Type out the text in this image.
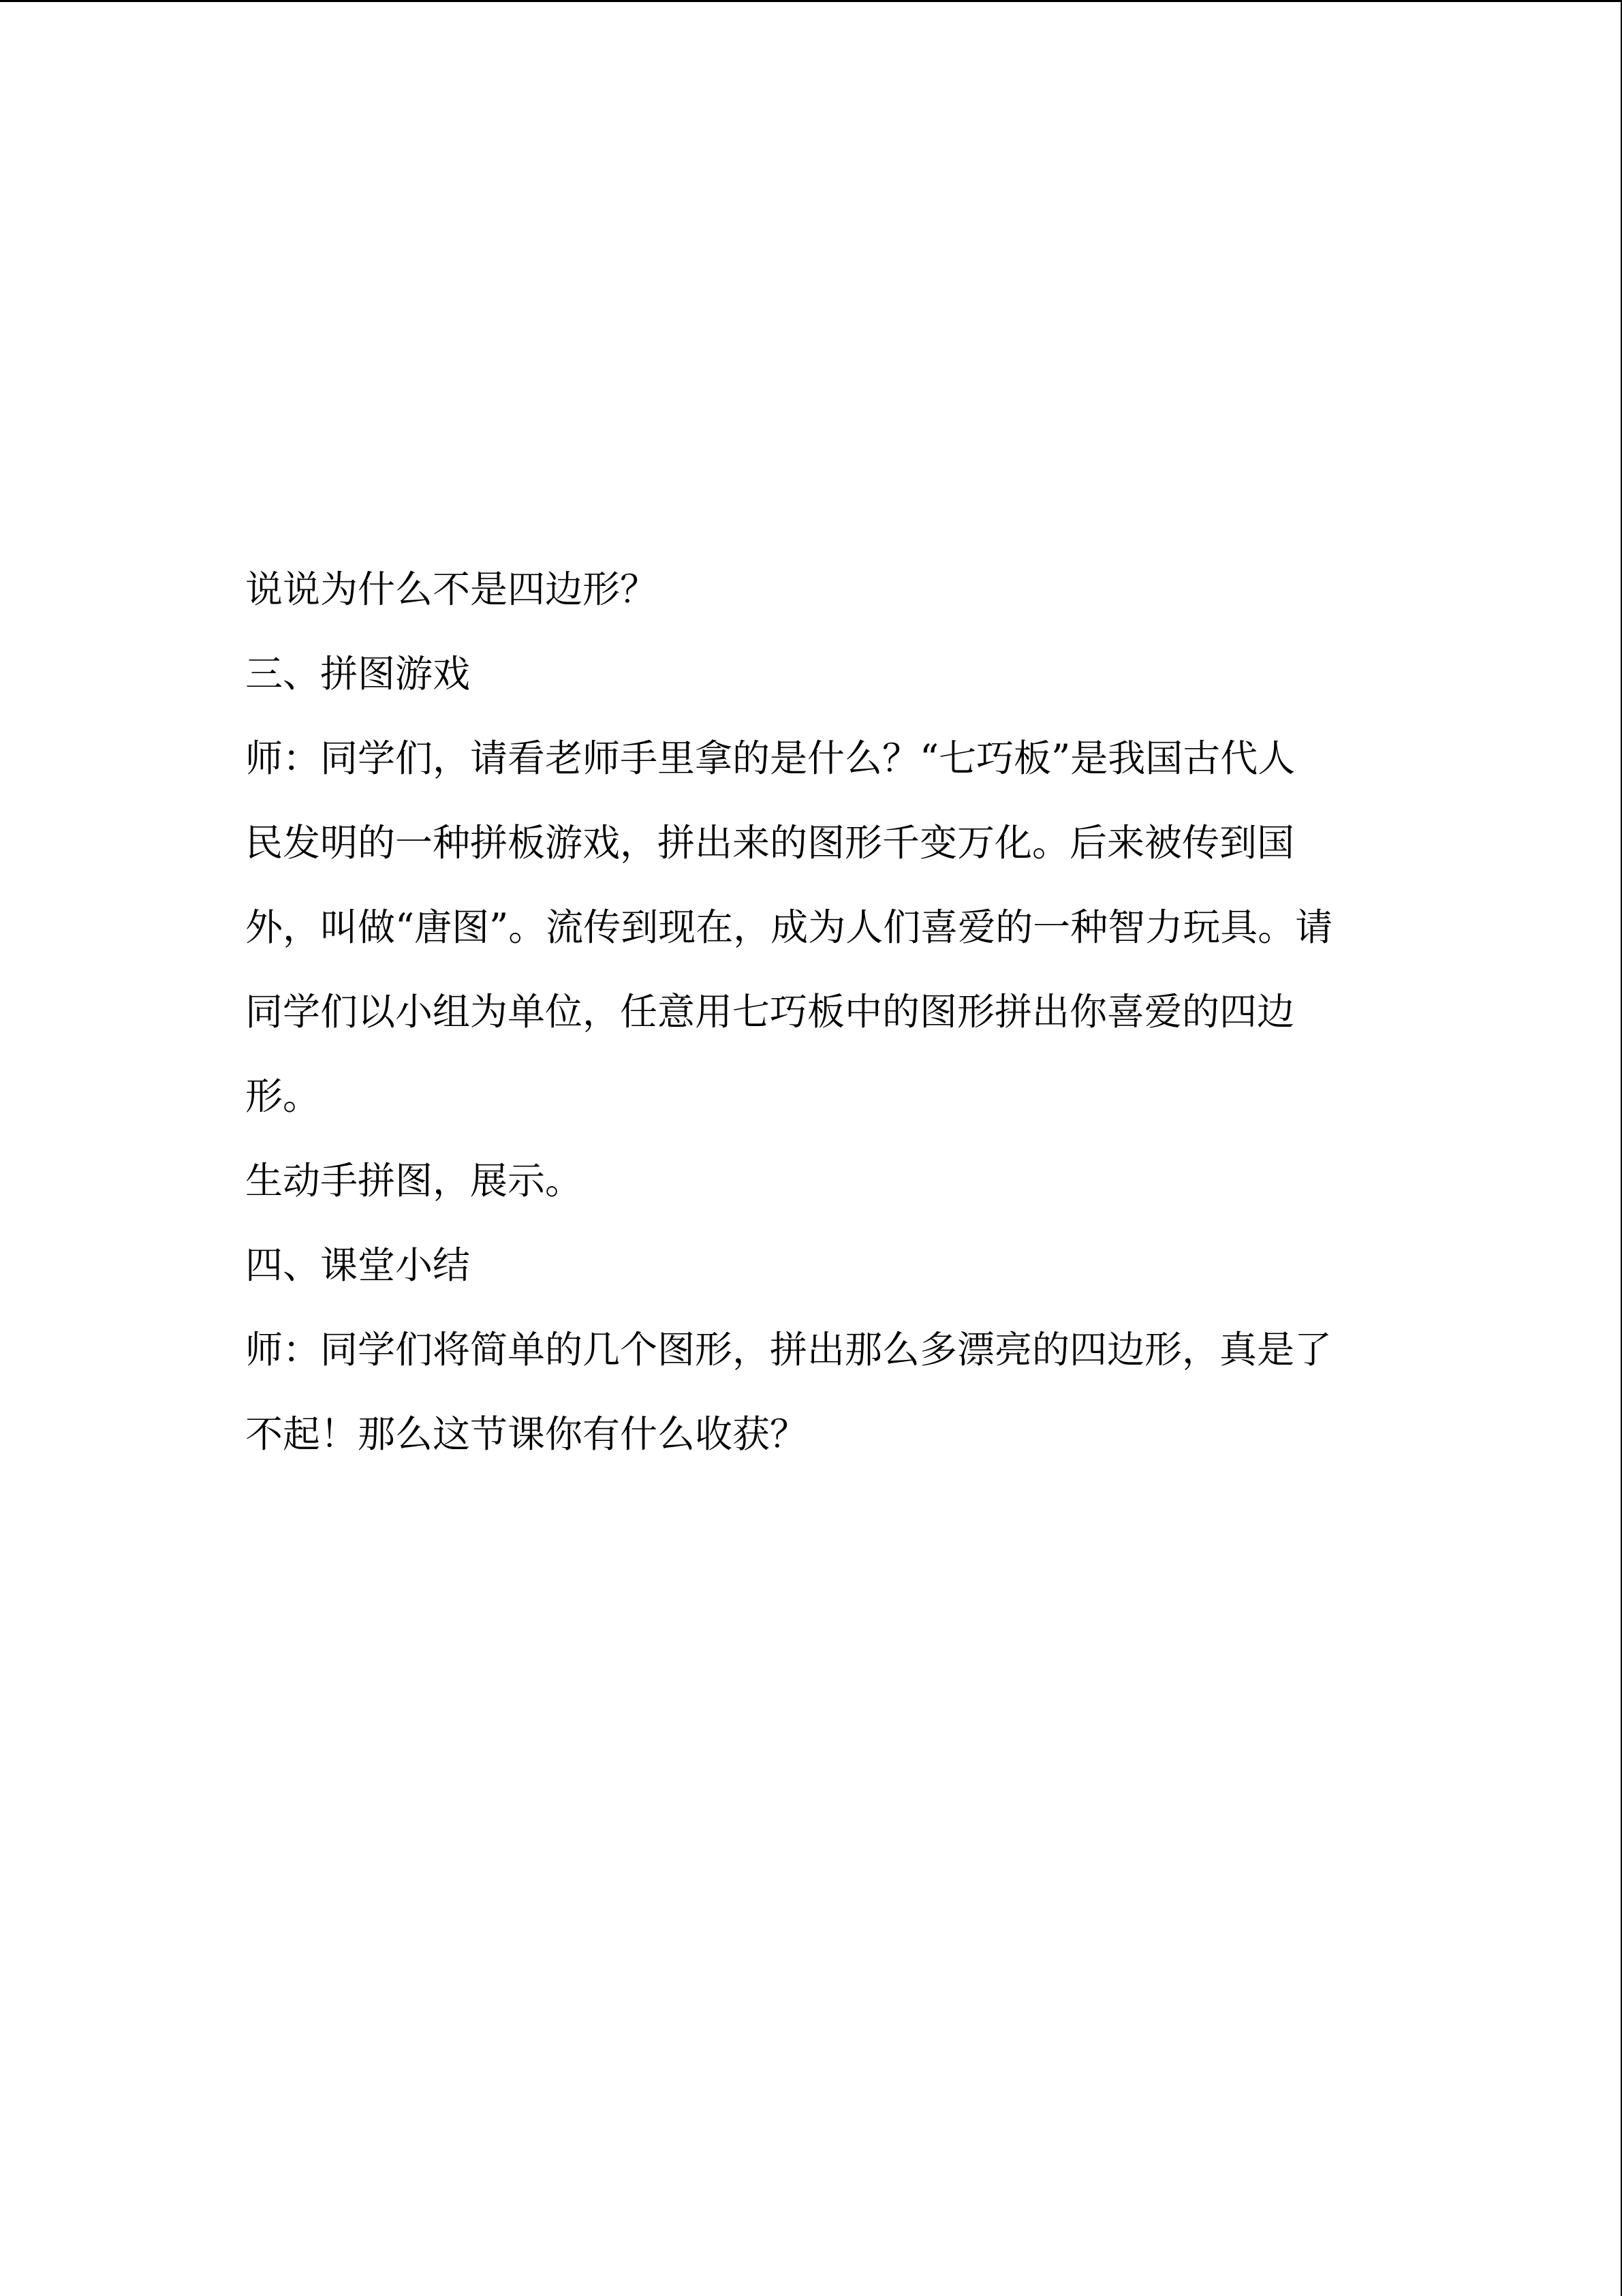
说说为什么不是四边形？
三、拼图游戏
师：同学们，请看老师手里拿的是什么？“七巧板”是我国古代人
民发明的一种拼板游戏，拼出来的图形千变万化。后来被传到国
外，叫做“唐图”。流传到现在，成为人们喜爱的一种智力玩具。请
同学们以小组为单位，任意用七巧板中的图形拼出你喜爱的四边
形。
生动手拼图，展示。
四、课堂小结
师：同学们将简单的几个图形，拼出那么多漂亮的四边形，真是了
不起！那么这节课你有什么收获？
